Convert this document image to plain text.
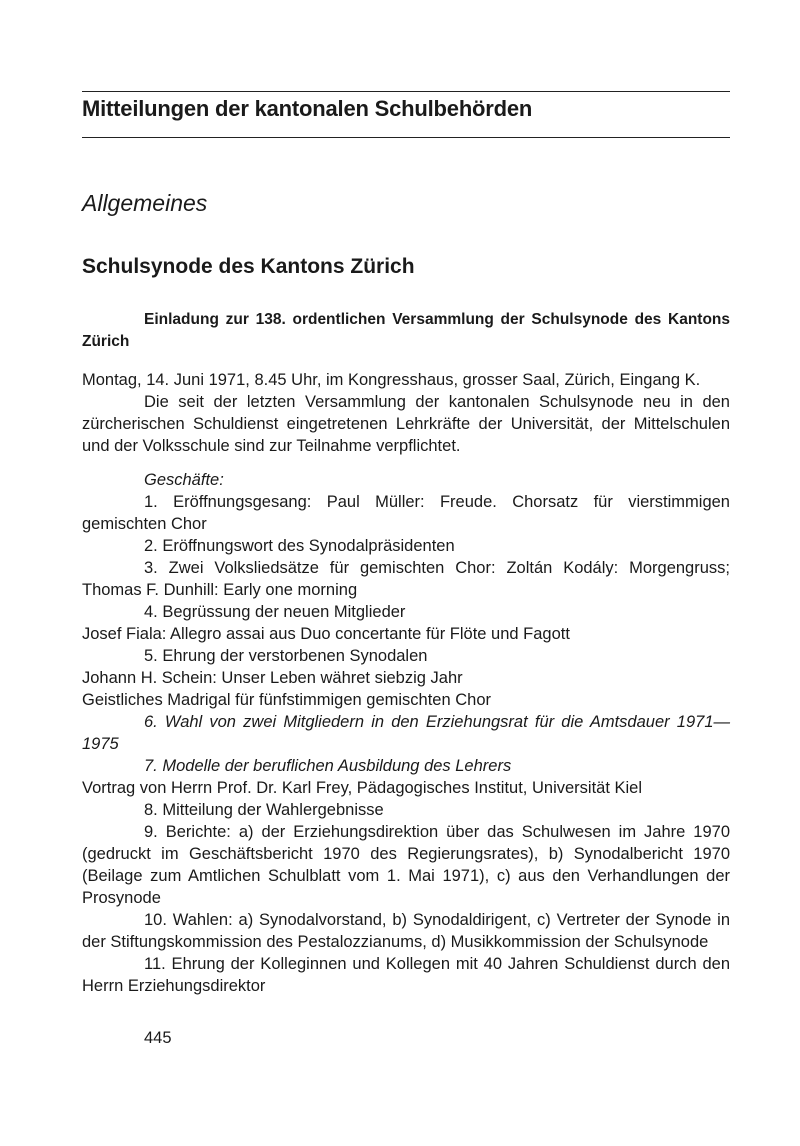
Mitteilungen der kantonalen Schulbehörden
Allgemeines
Schulsynode des Kantons Zürich

Einladung zur 138. ordentlichen Versammlung der Schulsynode des Kantons Zürich

Montag, 14. Juni 1971, 8.45 Uhr, im Kongresshaus, grosser Saal, Zürich, Eingang K.

Die seit der letzten Versammlung der kantonalen Schulsynode neu in den zürcherischen Schuldienst eingetretenen Lehrkräfte der Universität, der Mittelschulen und der Volksschule sind zur Teilnahme verpflichtet.

Geschäfte:

1. Eröffnungsgesang: Paul Müller: Freude. Chorsatz für vierstimmigen gemischten Chor

2. Eröffnungswort des Synodalpräsidenten

3. Zwei Volksliedsätze für gemischten Chor: Zoltán Kodály: Morgengruss; Thomas F. Dunhill: Early one morning

4. Begrüssung der neuen Mitglieder

Josef Fiala: Allegro assai aus Duo concertante für Flöte und Fagott

5. Ehrung der verstorbenen Synodalen

Johann H. Schein: Unser Leben währet siebzig Jahr

Geistliches Madrigal für fünfstimmigen gemischten Chor

6. Wahl von zwei Mitgliedern in den Erziehungsrat für die Amtsdauer 1971—1975

7. Modelle der beruflichen Ausbildung des Lehrers

Vortrag von Herrn Prof. Dr. Karl Frey, Pädagogisches Institut, Universität Kiel

8. Mitteilung der Wahlergebnisse

9. Berichte: a) der Erziehungsdirektion über das Schulwesen im Jahre 1970 (gedruckt im Geschäftsbericht 1970 des Regierungsrates), b) Synodalbericht 1970 (Beilage zum Amtlichen Schulblatt vom 1. Mai 1971), c) aus den Verhandlungen der Prosynode

10. Wahlen: a) Synodalvorstand, b) Synodaldirigent, c) Vertreter der Synode in der Stiftungskommission des Pestalozzianums, d) Musikkommission der Schulsynode

11. Ehrung der Kolleginnen und Kollegen mit 40 Jahren Schuldienst durch den Herrn Erziehungsdirektor

445
